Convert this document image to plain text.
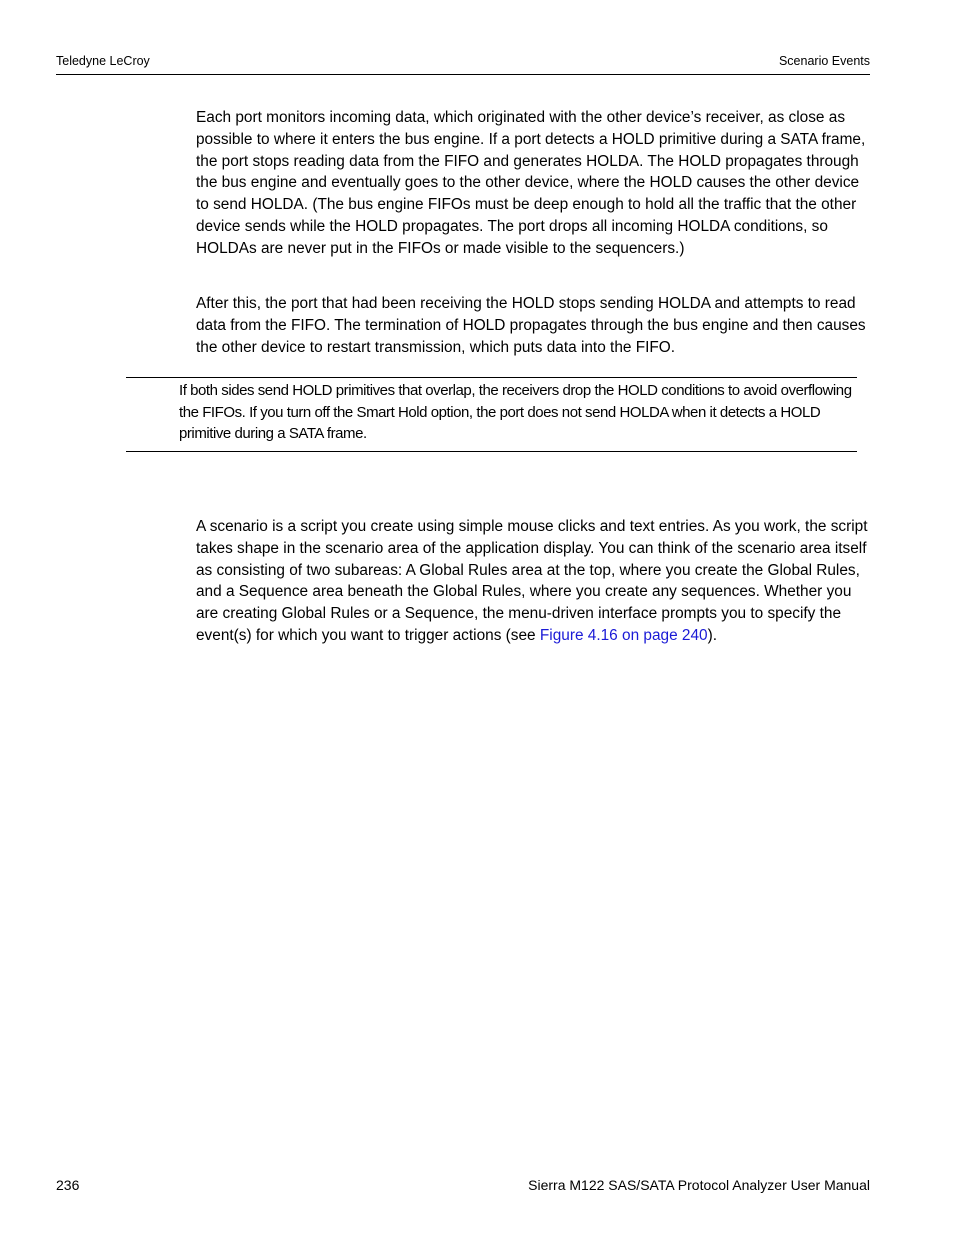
Teledyne LeCroy	Scenario Events

Each port monitors incoming data, which originated with the other device’s receiver, as close as possible to where it enters the bus engine. If a port detects a HOLD primitive during a SATA frame, the port stops reading data from the FIFO and generates HOLDA. The HOLD propagates through the bus engine and eventually goes to the other device, where the HOLD causes the other device to send HOLDA. (The bus engine FIFOs must be deep enough to hold all the traffic that the other device sends while the HOLD propagates. The port drops all incoming HOLDA conditions, so HOLDAs are never put in the FIFOs or made visible to the sequencers.)

After this, the port that had been receiving the HOLD stops sending HOLDA and attempts to read data from the FIFO. The termination of HOLD propagates through the bus engine and then causes the other device to restart transmission, which puts data into the FIFO.

If both sides send HOLD primitives that overlap, the receivers drop the HOLD conditions to avoid overflowing the FIFOs. If you turn off the Smart Hold option, the port does not send HOLDA when it detects a HOLD primitive during a SATA frame.

A scenario is a script you create using simple mouse clicks and text entries. As you work, the script takes shape in the scenario area of the application display. You can think of the scenario area itself as consisting of two subareas: A Global Rules area at the top, where you create the Global Rules, and a Sequence area beneath the Global Rules, where you create any sequences. Whether you are creating Global Rules or a Sequence, the menu-driven interface prompts you to specify the event(s) for which you want to trigger actions (see Figure 4.16 on page 240).

236	Sierra M122 SAS/SATA Protocol Analyzer User Manual
